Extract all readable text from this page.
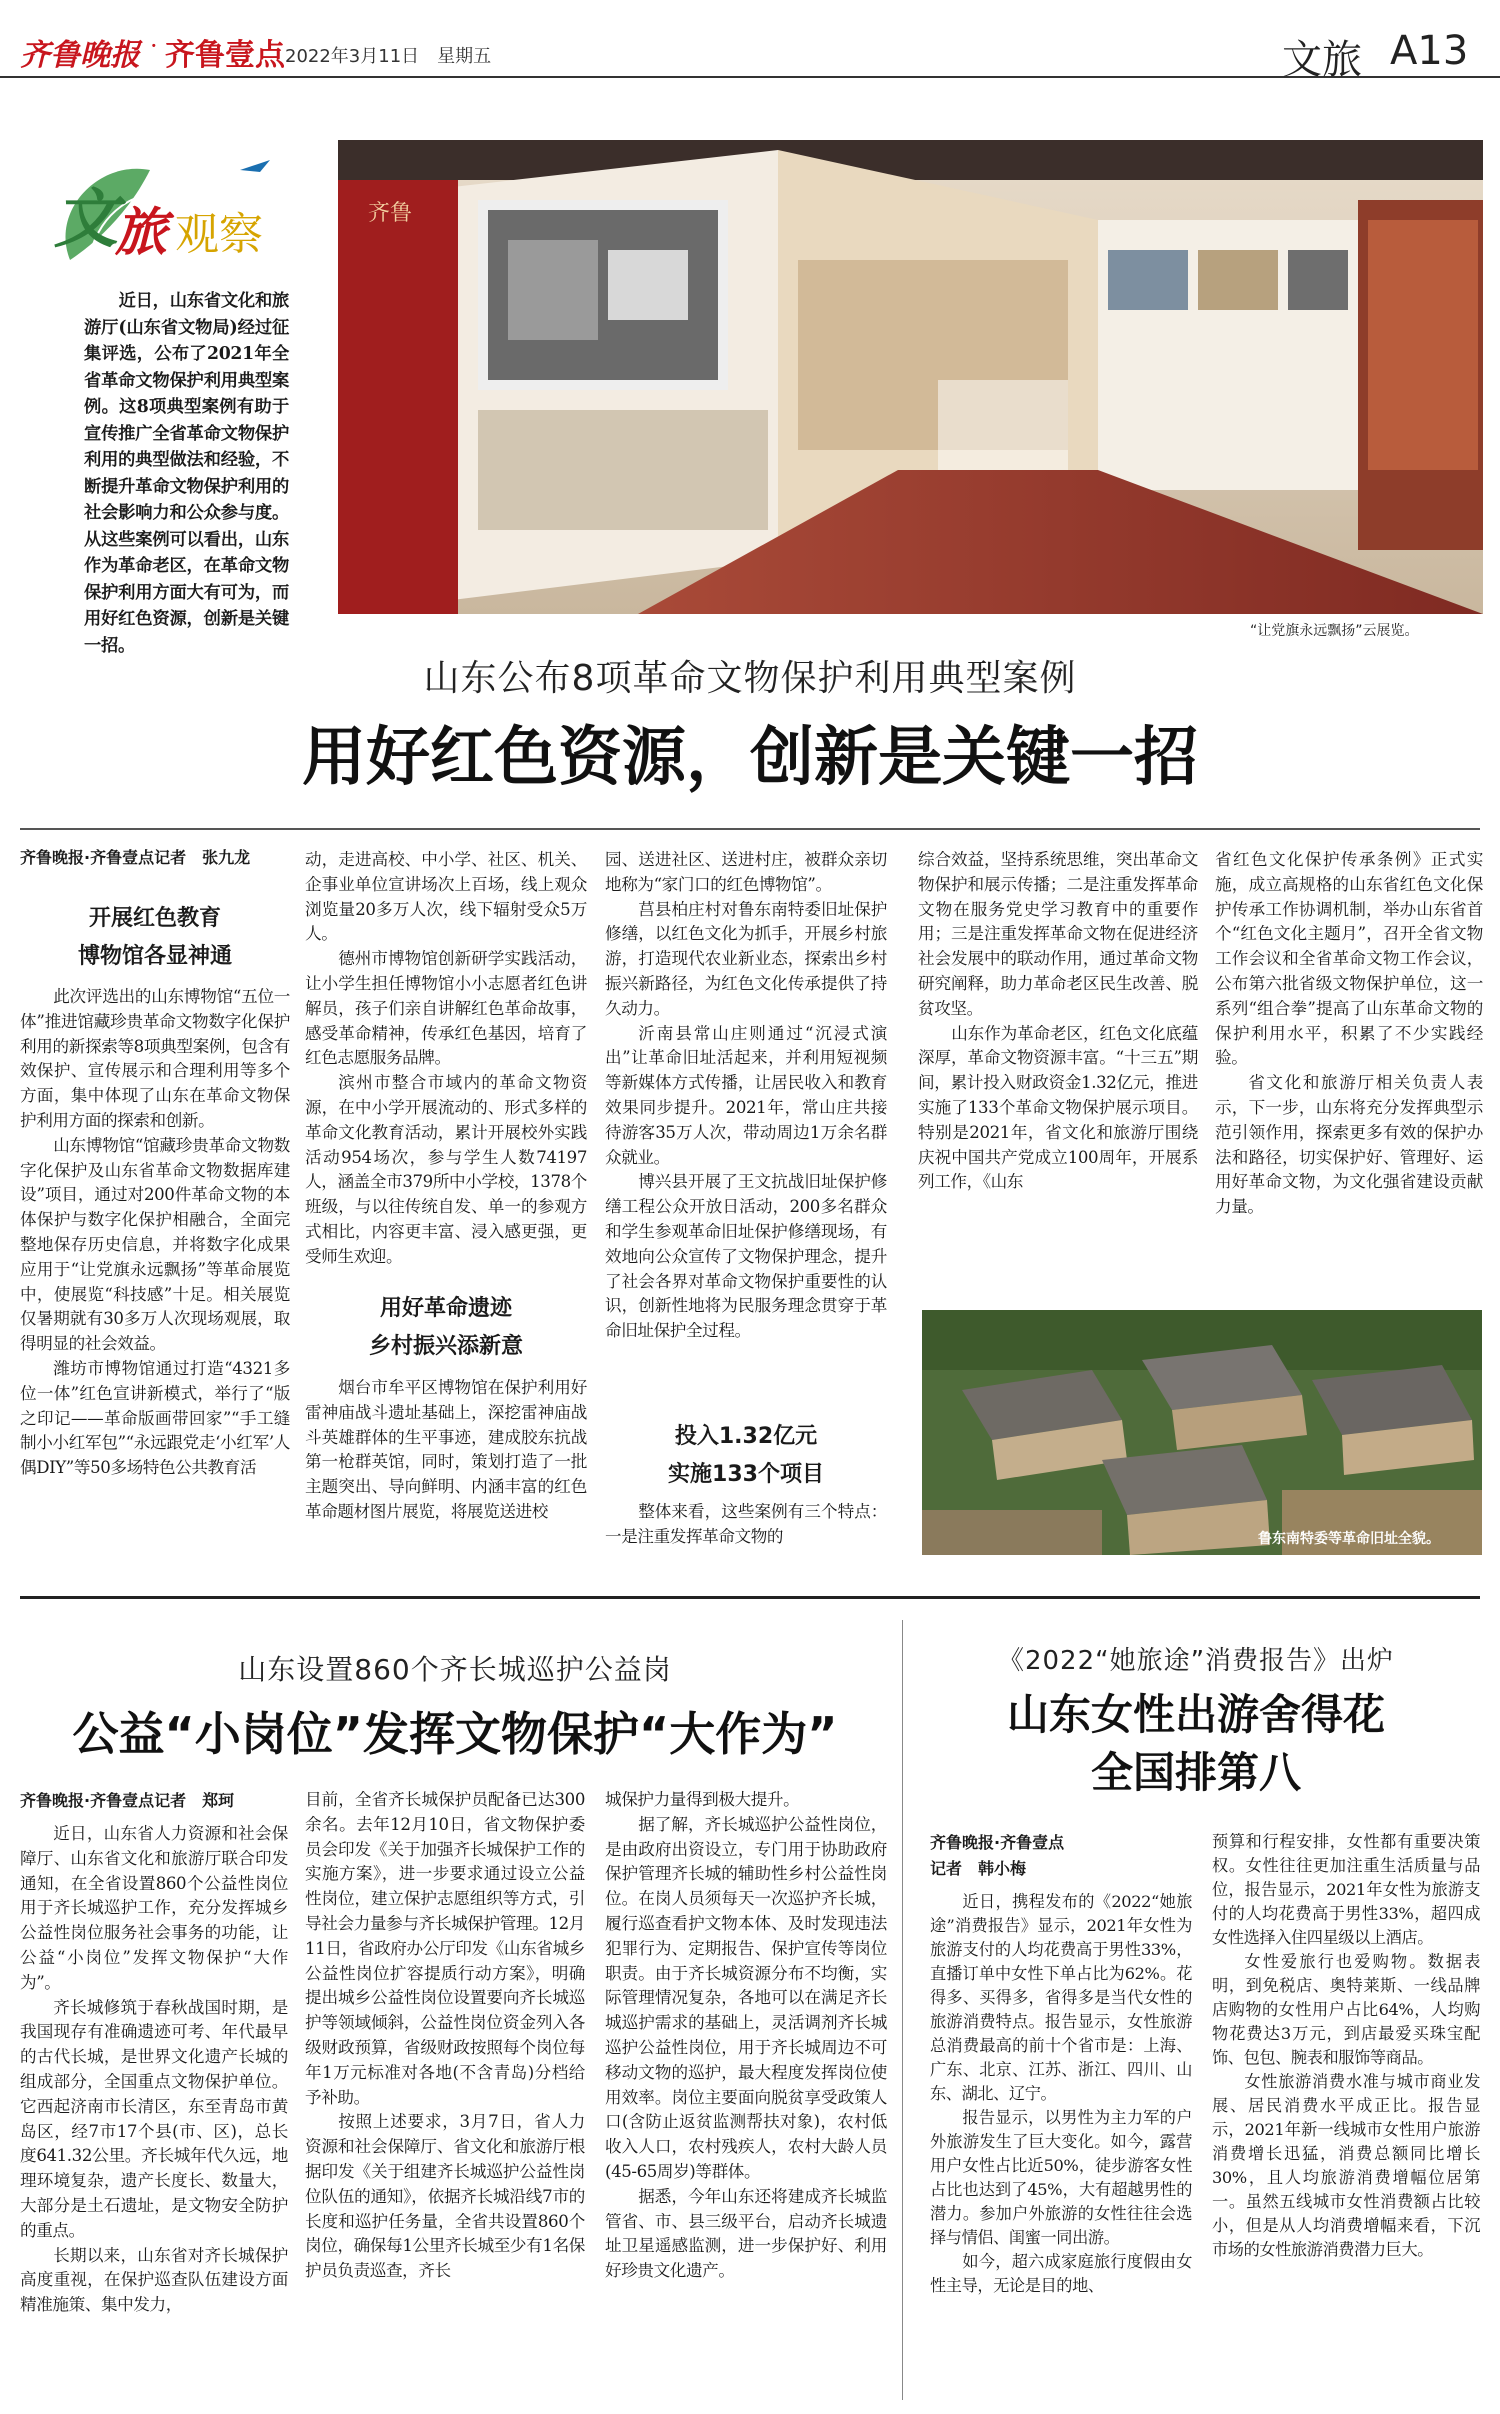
齐鲁晚报 · 齐鲁壹点 2022年3月11日　 星期五	文旅 A13
文
旅 观察

近日，山东省文化和旅游厅(山东省文物局)经过征集评选，公布了2021年全省革命文物保护利用典型案例。这8项典型案例有助于宣传推广全省革命文物保护利用的典型做法和经验，不断提升革命文物保护利用的社会影响力和公众参与度。从这些案例可以看出，山东作为革命老区，在革命文物保护利用方面大有可为，而用好红色资源，创新是关键一招。

齐鲁
“让党旗永远飘扬”云展览。
山东公布8项革命文物保护利用典型案例
用好红色资源，创新是关键一招
齐鲁晚报·齐鲁壹点记者　张九龙
开展红色教育
博物馆各显神通

此次评选出的山东博物馆“五位一体”推进馆藏珍贵革命文物数字化保护利用的新探索等8项典型案例，包含有效保护、宣传展示和合理利用等多个方面，集中体现了山东在革命文物保护利用方面的探索和创新。

山东博物馆“馆藏珍贵革命文物数字化保护及山东省革命文物数据库建设”项目，通过对200件革命文物的本体保护与数字化保护相融合，全面完整地保存历史信息，并将数字化成果应用于“让党旗永远飘扬”等革命展览中，使展览“科技感”十足。相关展览仅暑期就有30多万人次现场观展，取得明显的社会效益。

潍坊市博物馆通过打造“4321多位一体”红色宣讲新模式，举行了“版之印记——革命版画带回家”“手工缝制小小红军包”“永远跟党走‘小红军’人偶DIY”等50多场特色公共教育活

动，走进高校、中小学、社区、机关、企事业单位宣讲场次上百场，线上观众浏览量20多万人次，线下辐射受众5万人。

德州市博物馆创新研学实践活动，让小学生担任博物馆小小志愿者红色讲解员，孩子们亲自讲解红色革命故事，感受革命精神，传承红色基因，培育了红色志愿服务品牌。

滨州市整合市域内的革命文物资源，在中小学开展流动的、形式多样的革命文化教育活动，累计开展校外实践活动954场次，参与学生人数74197人，涵盖全市379所中小学校，1378个班级，与以往传统自发、单一的参观方式相比，内容更丰富、浸入感更强，更受师生欢迎。

用好革命遗迹
乡村振兴添新意

烟台市牟平区博物馆在保护利用好雷神庙战斗遗址基础上，深挖雷神庙战斗英雄群体的生平事迹，建成胶东抗战第一枪群英馆，同时，策划打造了一批主题突出、导向鲜明、内涵丰富的红色革命题材图片展览，将展览送进校

园、送进社区、送进村庄，被群众亲切地称为“家门口的红色博物馆”。

莒县柏庄村对鲁东南特委旧址保护修缮，以红色文化为抓手，开展乡村旅游，打造现代农业新业态，探索出乡村振兴新路径，为红色文化传承提供了持久动力。

沂南县常山庄则通过“沉浸式演出”让革命旧址活起来，并利用短视频等新媒体方式传播，让居民收入和教育效果同步提升。2021年，常山庄共接待游客35万人次，带动周边1万余名群众就业。

博兴县开展了王文抗战旧址保护修缮工程公众开放日活动，200多名群众和学生参观革命旧址保护修缮现场，有效地向公众宣传了文物保护理念，提升了社会各界对革命文物保护重要性的认识，创新性地将为民服务理念贯穿于革命旧址保护全过程。

投入1.32亿元
实施133个项目

整体来看，这些案例有三个特点：一是注重发挥革命文物的

综合效益，坚持系统思维，突出革命文物保护和展示传播；二是注重发挥革命文物在服务党史学习教育中的重要作用；三是注重发挥革命文物在促进经济社会发展中的联动作用，通过革命文物研究阐释，助力革命老区民生改善、脱贫攻坚。

山东作为革命老区，红色文化底蕴深厚，革命文物资源丰富。“十三五”期间，累计投入财政资金1.32亿元，推进实施了133个革命文物保护展示项目。特别是2021年，省文化和旅游厅围绕庆祝中国共产党成立100周年，开展系列工作，《山东

省红色文化保护传承条例》正式实施，成立高规格的山东省红色文化保护传承工作协调机制，举办山东省首个“红色文化主题月”，召开全省文物工作会议和全省革命文物工作会议，公布第六批省级文物保护单位，这一系列“组合拳”提高了山东革命文物的保护利用水平，积累了不少实践经验。

省文化和旅游厅相关负责人表示，下一步，山东将充分发挥典型示范引领作用，探索更多有效的保护办法和路径，切实保护好、管理好、运用好革命文物，为文化强省建设贡献力量。

鲁东南特委等革命旧址全貌。
山东设置860个齐长城巡护公益岗
公益“小岗位”发挥文物保护“大作为”
齐鲁晚报·齐鲁壹点记者　郑珂

近日，山东省人力资源和社会保障厅、山东省文化和旅游厅联合印发通知，在全省设置860个公益性岗位用于齐长城巡护工作，充分发挥城乡公益性岗位服务社会事务的功能，让公益“小岗位”发挥文物保护“大作为”。

齐长城修筑于春秋战国时期，是我国现存有准确遗迹可考、年代最早的古代长城，是世界文化遗产长城的组成部分，全国重点文物保护单位。它西起济南市长清区，东至青岛市黄岛区，经7市17个县(市、区)，总长度641.32公里。齐长城年代久远，地理环境复杂，遗产长度长、数量大，大部分是土石遗址，是文物安全防护的重点。

长期以来，山东省对齐长城保护高度重视，在保护巡查队伍建设方面精准施策、集中发力，

目前，全省齐长城保护员配备已达300余名。去年12月10日，省文物保护委员会印发《关于加强齐长城保护工作的实施方案》，进一步要求通过设立公益性岗位，建立保护志愿组织等方式，引导社会力量参与齐长城保护管理。12月11日，省政府办公厅印发《山东省城乡公益性岗位扩容提质行动方案》，明确提出城乡公益性岗位设置要向齐长城巡护等领域倾斜，公益性岗位资金列入各级财政预算，省级财政按照每个岗位每年1万元标准对各地(不含青岛)分档给予补助。

按照上述要求，3月7日，省人力资源和社会保障厅、省文化和旅游厅根据印发《关于组建齐长城巡护公益性岗位队伍的通知》，依据齐长城沿线7市的长度和巡护任务量，全省共设置860个岗位，确保每1公里齐长城至少有1名保护员负责巡查，齐长

城保护力量得到极大提升。

据了解，齐长城巡护公益性岗位，是由政府出资设立，专门用于协助政府保护管理齐长城的辅助性乡村公益性岗位。在岗人员须每天一次巡护齐长城，履行巡查看护文物本体、及时发现违法犯罪行为、定期报告、保护宣传等岗位职责。由于齐长城资源分布不均衡，实际管理情况复杂，各地可以在满足齐长城巡护需求的基础上，灵活调剂齐长城巡护公益性岗位，用于齐长城周边不可移动文物的巡护，最大程度发挥岗位使用效率。岗位主要面向脱贫享受政策人口(含防止返贫监测帮扶对象)，农村低收入人口，农村残疾人，农村大龄人员(45-65周岁)等群体。

据悉，今年山东还将建成齐长城监管省、市、县三级平台，启动齐长城遗址卫星遥感监测，进一步保护好、利用好珍贵文化遗产。

《2022“她旅途”消费报告》出炉
山东女性出游舍得花
全国排第八
齐鲁晚报·齐鲁壹点
记者　韩小梅

近日，携程发布的《2022“她旅途”消费报告》显示，2021年女性为旅游支付的人均花费高于男性33%，直播订单中女性下单占比为62%。花得多、买得多，省得多是当代女性的旅游消费特点。报告显示，女性旅游总消费最高的前十个省市是：上海、广东、北京、江苏、浙江、四川、山东、湖北、辽宁。

报告显示，以男性为主力军的户外旅游发生了巨大变化。如今，露营用户女性占比近50%，徒步游客女性占比也达到了45%，大有超越男性的潜力。参加户外旅游的女性往往会选择与情侣、闺蜜一同出游。

如今，超六成家庭旅行度假由女性主导，无论是目的地、

预算和行程安排，女性都有重要决策权。女性往往更加注重生活质量与品位，报告显示，2021年女性为旅游支付的人均花费高于男性33%，超四成女性选择入住四星级以上酒店。

女性爱旅行也爱购物。数据表明，到免税店、奥特莱斯、一线品牌店购物的女性用户占比64%，人均购物花费达3万元，到店最爱买珠宝配饰、包包、腕表和服饰等商品。

女性旅游消费水准与城市商业发展、居民消费水平成正比。报告显示，2021年新一线城市女性用户旅游消费增长迅猛，消费总额同比增长30%，且人均旅游消费增幅位居第一。虽然五线城市女性消费额占比较小，但是从人均消费增幅来看，下沉市场的女性旅游消费潜力巨大。
